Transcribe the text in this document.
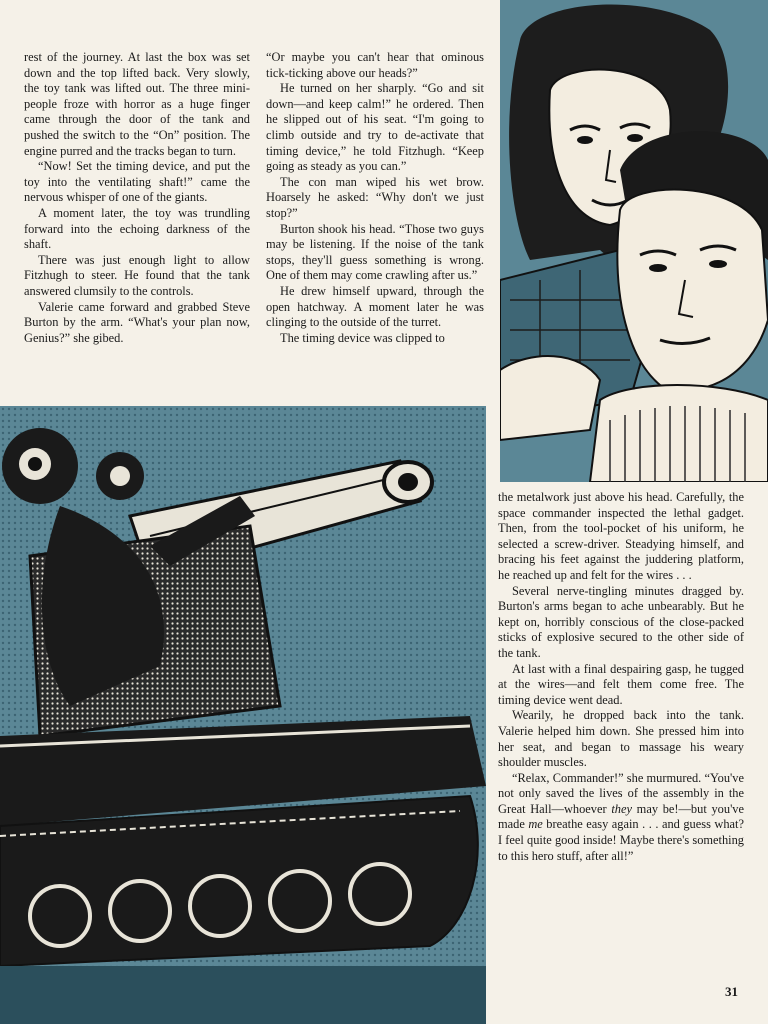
rest of the journey. At last the box was set down and the top lifted back. Very slowly, the toy tank was lifted out. The three mini-people froze with horror as a huge finger came through the door of the tank and pushed the switch to the “On” position. The engine purred and the tracks began to turn.

“Now! Set the timing device, and put the toy into the ventilating shaft!” came the nervous whisper of one of the giants.

A moment later, the toy was trundling forward into the echoing darkness of the shaft.

There was just enough light to allow Fitzhugh to steer. He found that the tank answered clumsily to the controls.

Valerie came forward and grabbed Steve Burton by the arm. “What's your plan now, Genius?” she gibed.

“Or maybe you can't hear that ominous tick-ticking above our heads?”

He turned on her sharply. “Go and sit down—and keep calm!” he ordered. Then he slipped out of his seat. “I'm going to climb outside and try to de-activate that timing device,” he told Fitzhugh. “Keep going as steady as you can.”

The con man wiped his wet brow. Hoarsely he asked: “Why don't we just stop?”

Burton shook his head. “Those two guys may be listening. If the noise of the tank stops, they'll guess something is wrong. One of them may come crawling after us.”

He drew himself upward, through the open hatchway. A moment later he was clinging to the outside of the turret.

The timing device was clipped to

the metalwork just above his head. Carefully, the space commander inspected the lethal gadget. Then, from the tool-pocket of his uniform, he selected a screw-driver. Steadying himself, and bracing his feet against the juddering platform, he reached up and felt for the wires . . .

Several nerve-tingling minutes dragged by. Burton's arms began to ache unbearably. But he kept on, horribly conscious of the close-packed sticks of explosive secured to the other side of the tank.

At last with a final despairing gasp, he tugged at the wires—and felt them come free. The timing device went dead.

Wearily, he dropped back into the tank. Valerie helped him down. She pressed him into her seat, and began to massage his weary shoulder muscles.

“Relax, Commander!” she murmured. “You've not only saved the lives of the assembly in the Great Hall—whoever they may be!—but you've made me breathe easy again . . . and guess what? I feel quite good inside! Maybe there's something to this hero stuff, after all!”

31
